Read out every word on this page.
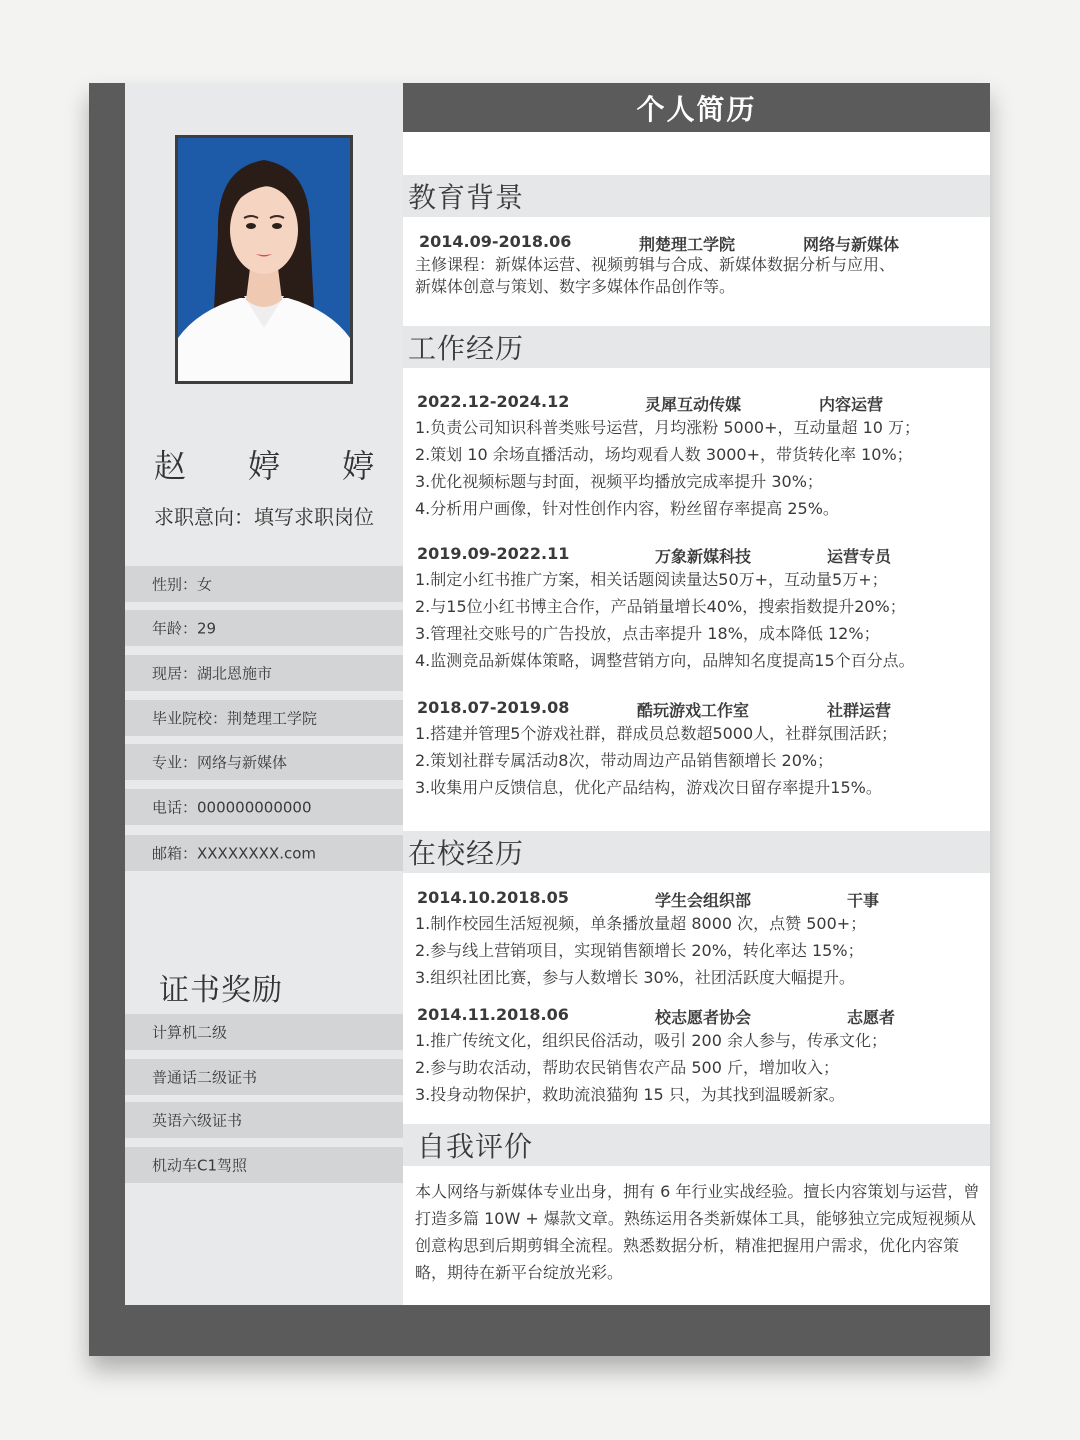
赵 婷 婷
求职意向：填写求职岗位
性别：女
年龄：29
现居：湖北恩施市
毕业院校：荆楚理工学院
专业：网络与新媒体
电话：000000000000
邮箱：XXXXXXXX.com
证书奖励
计算机二级
普通话二级证书
英语六级证书
机动车C1驾照
个人简历
教育背景
2014.09-2018.06	荆楚理工学院	网络与新媒体
主修课程：新媒体运营、视频剪辑与合成、新媒体数据分析与应用、
新媒体创意与策划、数字多媒体作品创作等。
工作经历
2022.12-2024.12	灵犀互动传媒	内容运营
1.负责公司知识科普类账号运营，月均涨粉 5000+，互动量超 10 万；
2.策划 10 余场直播活动，场均观看人数 3000+，带货转化率 10%；
3.优化视频标题与封面，视频平均播放完成率提升 30%；
4.分析用户画像，针对性创作内容，粉丝留存率提高 25%。
2019.09-2022.11	万象新媒科技	运营专员
1.制定小红书推广方案，相关话题阅读量达50万+，互动量5万+；
2.与15位小红书博主合作，产品销量增长40%，搜索指数提升20%；
3.管理社交账号的广告投放，点击率提升 18%，成本降低 12%；
4.监测竞品新媒体策略，调整营销方向，品牌知名度提高15个百分点。
2018.07-2019.08	酷玩游戏工作室	社群运营
1.搭建并管理5个游戏社群，群成员总数超5000人，社群氛围活跃；
2.策划社群专属活动8次，带动周边产品销售额增长 20%；
3.收集用户反馈信息，优化产品结构，游戏次日留存率提升15%。
在校经历
2014.10.2018.05	学生会组织部	干事
1.制作校园生活短视频，单条播放量超 8000 次，点赞 500+；
2.参与线上营销项目，实现销售额增长 20%，转化率达 15%；
3.组织社团比赛，参与人数增长 30%，社团活跃度大幅提升。
2014.11.2018.06	校志愿者协会	志愿者
1.推广传统文化，组织民俗活动，吸引 200 余人参与，传承文化；
2.参与助农活动，帮助农民销售农产品 500 斤，增加收入；
3.投身动物保护，救助流浪猫狗 15 只，为其找到温暖新家。
自我评价
本人网络与新媒体专业出身，拥有 6 年行业实战经验。擅长内容策划与运营，曾打造多篇 10W + 爆款文章。熟练运用各类新媒体工具，能够独立完成短视频从创意构思到后期剪辑全流程。熟悉数据分析，精准把握用户需求，优化内容策略，期待在新平台绽放光彩。
